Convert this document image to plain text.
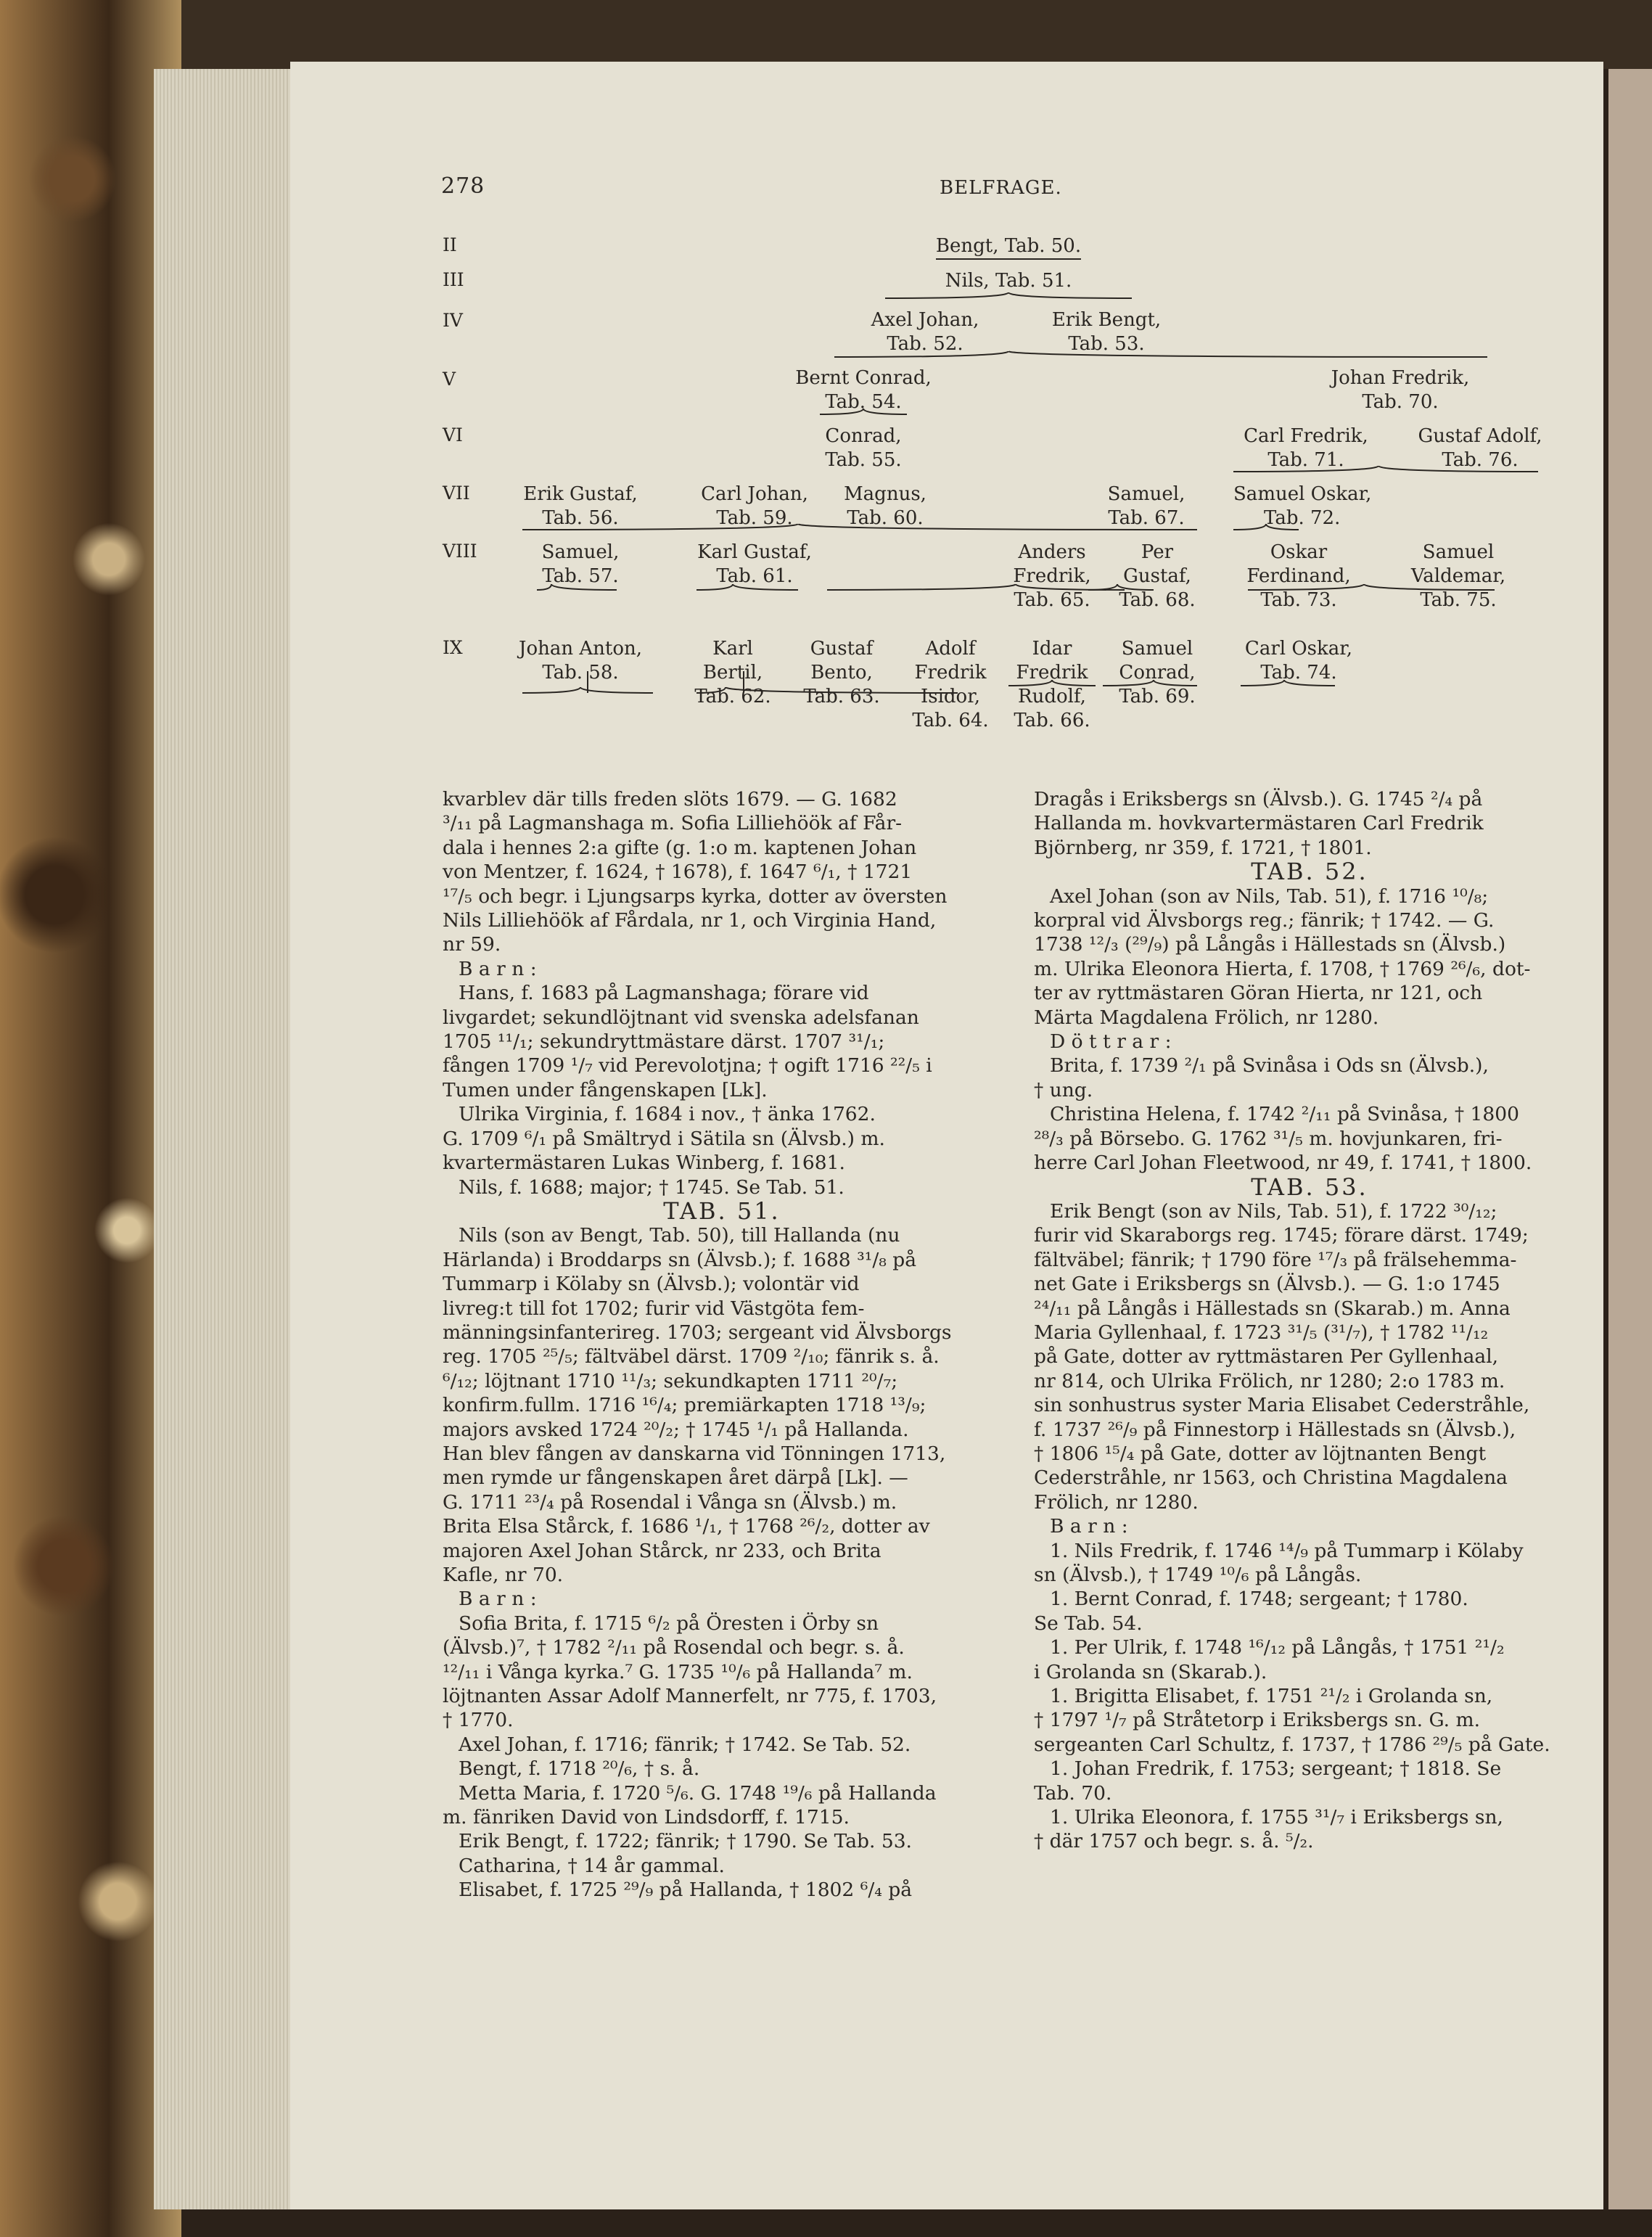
278	BELFRAGE.
II
III
IV
V
VI
VII
VIII
IX
Bengt, Tab. 50.
Nils, Tab. 51.
Axel Johan,
Tab. 52.
Erik Bengt,
Tab. 53.
Bernt Conrad,
Tab. 54.
Johan Fredrik,
Tab. 70.
Conrad,
Tab. 55.
Carl Fredrik,
Tab. 71.
Gustaf Adolf,
Tab. 76.
Erik Gustaf,
Tab. 56.
Carl Johan,
Tab. 59.
Magnus,
Tab. 60.
Samuel,
Tab. 67.
Samuel Oskar,
Tab. 72.
Samuel,
Tab. 57.
Karl Gustaf,
Tab. 61.
Anders
Fredrik,
Tab. 65.
Per
Gustaf,
Tab. 68.
Oskar
Ferdinand,
Tab. 73.
Samuel
Valdemar,
Tab. 75.
Johan Anton,
Tab. 58.
Karl
Bertil,
Tab. 62.
Gustaf
Bento,
Tab. 63.
Adolf
Fredrik
Isidor,
Tab. 64.
Idar
Fredrik
Rudolf,
Tab. 66.
Samuel
Conrad,
Tab. 69.
Carl Oskar,
Tab. 74.

kvarblev där tills freden slöts 1679. — G. 1682

³/₁₁ på Lagmanshaga m. Sofia Lilliehöök af Får-

dala i hennes 2:a gifte (g. 1:o m. kaptenen Johan

von Mentzer, f. 1624, † 1678), f. 1647 ⁶/₁, † 1721

¹⁷/₅ och begr. i Ljungsarps kyrka, dotter av översten

Nils Lilliehöök af Fårdala, nr 1, och Virginia Hand,

nr 59.

B a r n :

Hans, f. 1683 på Lagmanshaga; förare vid

livgardet; sekundlöjtnant vid svenska adelsfanan

1705 ¹¹/₁; sekundryttmästare därst. 1707 ³¹/₁;

fången 1709 ¹/₇ vid Perevolotjna; † ogift 1716 ²²/₅ i

Tumen under fångenskapen [Lk].

Ulrika Virginia, f. 1684 i nov., † änka 1762.

G. 1709 ⁶/₁ på Smältryd i Sätila sn (Älvsb.) m.

kvartermästaren Lukas Winberg, f. 1681.

Nils, f. 1688; major; † 1745. Se Tab. 51.

TAB. 51.

Nils (son av Bengt, Tab. 50), till Hallanda (nu

Härlanda) i Broddarps sn (Älvsb.); f. 1688 ³¹/₈ på

Tummarp i Kölaby sn (Älvsb.); volontär vid

livreg:t till fot 1702; furir vid Västgöta fem-

männingsinfanterireg. 1703; sergeant vid Älvsborgs

reg. 1705 ²⁵/₅; fältväbel därst. 1709 ²/₁₀; fänrik s. å.

⁶/₁₂; löjtnant 1710 ¹¹/₃; sekundkapten 1711 ²⁰/₇;

konfirm.fullm. 1716 ¹⁶/₄; premiärkapten 1718 ¹³/₉;

majors avsked 1724 ²⁰/₂; † 1745 ¹/₁ på Hallanda.

Han blev fången av danskarna vid Tönningen 1713,

men rymde ur fångenskapen året därpå [Lk]. —

G. 1711 ²³/₄ på Rosendal i Vånga sn (Älvsb.) m.

Brita Elsa Stårck, f. 1686 ¹/₁, † 1768 ²⁶/₂, dotter av

majoren Axel Johan Stårck, nr 233, och Brita

Kafle, nr 70.

B a r n :

Sofia Brita, f. 1715 ⁶/₂ på Öresten i Örby sn

(Älvsb.)⁷, † 1782 ²/₁₁ på Rosendal och begr. s. å.

¹²/₁₁ i Vånga kyrka.⁷ G. 1735 ¹⁰/₆ på Hallanda⁷ m.

löjtnanten Assar Adolf Mannerfelt, nr 775, f. 1703,

† 1770.

Axel Johan, f. 1716; fänrik; † 1742. Se Tab. 52.

Bengt, f. 1718 ²⁰/₆, † s. å.

Metta Maria, f. 1720 ⁵/₆. G. 1748 ¹⁹/₆ på Hallanda

m. fänriken David von Lindsdorff, f. 1715.

Erik Bengt, f. 1722; fänrik; † 1790. Se Tab. 53.

Catharina, † 14 år gammal.

Elisabet, f. 1725 ²⁹/₉ på Hallanda, † 1802 ⁶/₄ på

Dragås i Eriksbergs sn (Älvsb.). G. 1745 ²/₄ på

Hallanda m. hovkvartermästaren Carl Fredrik

Björnberg, nr 359, f. 1721, † 1801.

TAB. 52.

Axel Johan (son av Nils, Tab. 51), f. 1716 ¹⁰/₈;

korpral vid Älvsborgs reg.; fänrik; † 1742. — G.

1738 ¹²/₃ (²⁹/₉) på Långås i Hällestads sn (Älvsb.)

m. Ulrika Eleonora Hierta, f. 1708, † 1769 ²⁶/₆, dot-

ter av ryttmästaren Göran Hierta, nr 121, och

Märta Magdalena Frölich, nr 1280.

D ö t t r a r :

Brita, f. 1739 ²/₁ på Svinåsa i Ods sn (Älvsb.),

† ung.

Christina Helena, f. 1742 ²/₁₁ på Svinåsa, † 1800

²⁸/₃ på Börsebo. G. 1762 ³¹/₅ m. hovjunkaren, fri-

herre Carl Johan Fleetwood, nr 49, f. 1741, † 1800.

TAB. 53.

Erik Bengt (son av Nils, Tab. 51), f. 1722 ³⁰/₁₂;

furir vid Skaraborgs reg. 1745; förare därst. 1749;

fältväbel; fänrik; † 1790 före ¹⁷/₃ på frälsehemma-

net Gate i Eriksbergs sn (Älvsb.). — G. 1:o 1745

²⁴/₁₁ på Långås i Hällestads sn (Skarab.) m. Anna

Maria Gyllenhaal, f. 1723 ³¹/₅ (³¹/₇), † 1782 ¹¹/₁₂

på Gate, dotter av ryttmästaren Per Gyllenhaal,

nr 814, och Ulrika Frölich, nr 1280; 2:o 1783 m.

sin sonhustrus syster Maria Elisabet Cederstråhle,

f. 1737 ²⁶/₉ på Finnestorp i Hällestads sn (Älvsb.),

† 1806 ¹⁵/₄ på Gate, dotter av löjtnanten Bengt

Cederstråhle, nr 1563, och Christina Magdalena

Frölich, nr 1280.

B a r n :

1. Nils Fredrik, f. 1746 ¹⁴/₉ på Tummarp i Kölaby

sn (Älvsb.), † 1749 ¹⁰/₆ på Långås.

1. Bernt Conrad, f. 1748; sergeant; † 1780.

Se Tab. 54.

1. Per Ulrik, f. 1748 ¹⁶/₁₂ på Långås, † 1751 ²¹/₂

i Grolanda sn (Skarab.).

1. Brigitta Elisabet, f. 1751 ²¹/₂ i Grolanda sn,

† 1797 ¹/₇ på Stråtetorp i Eriksbergs sn. G. m.

sergeanten Carl Schultz, f. 1737, † 1786 ²⁹/₅ på Gate.

1. Johan Fredrik, f. 1753; sergeant; † 1818. Se

Tab. 70.

1. Ulrika Eleonora, f. 1755 ³¹/₇ i Eriksbergs sn,

† där 1757 och begr. s. å. ⁵/₂.
